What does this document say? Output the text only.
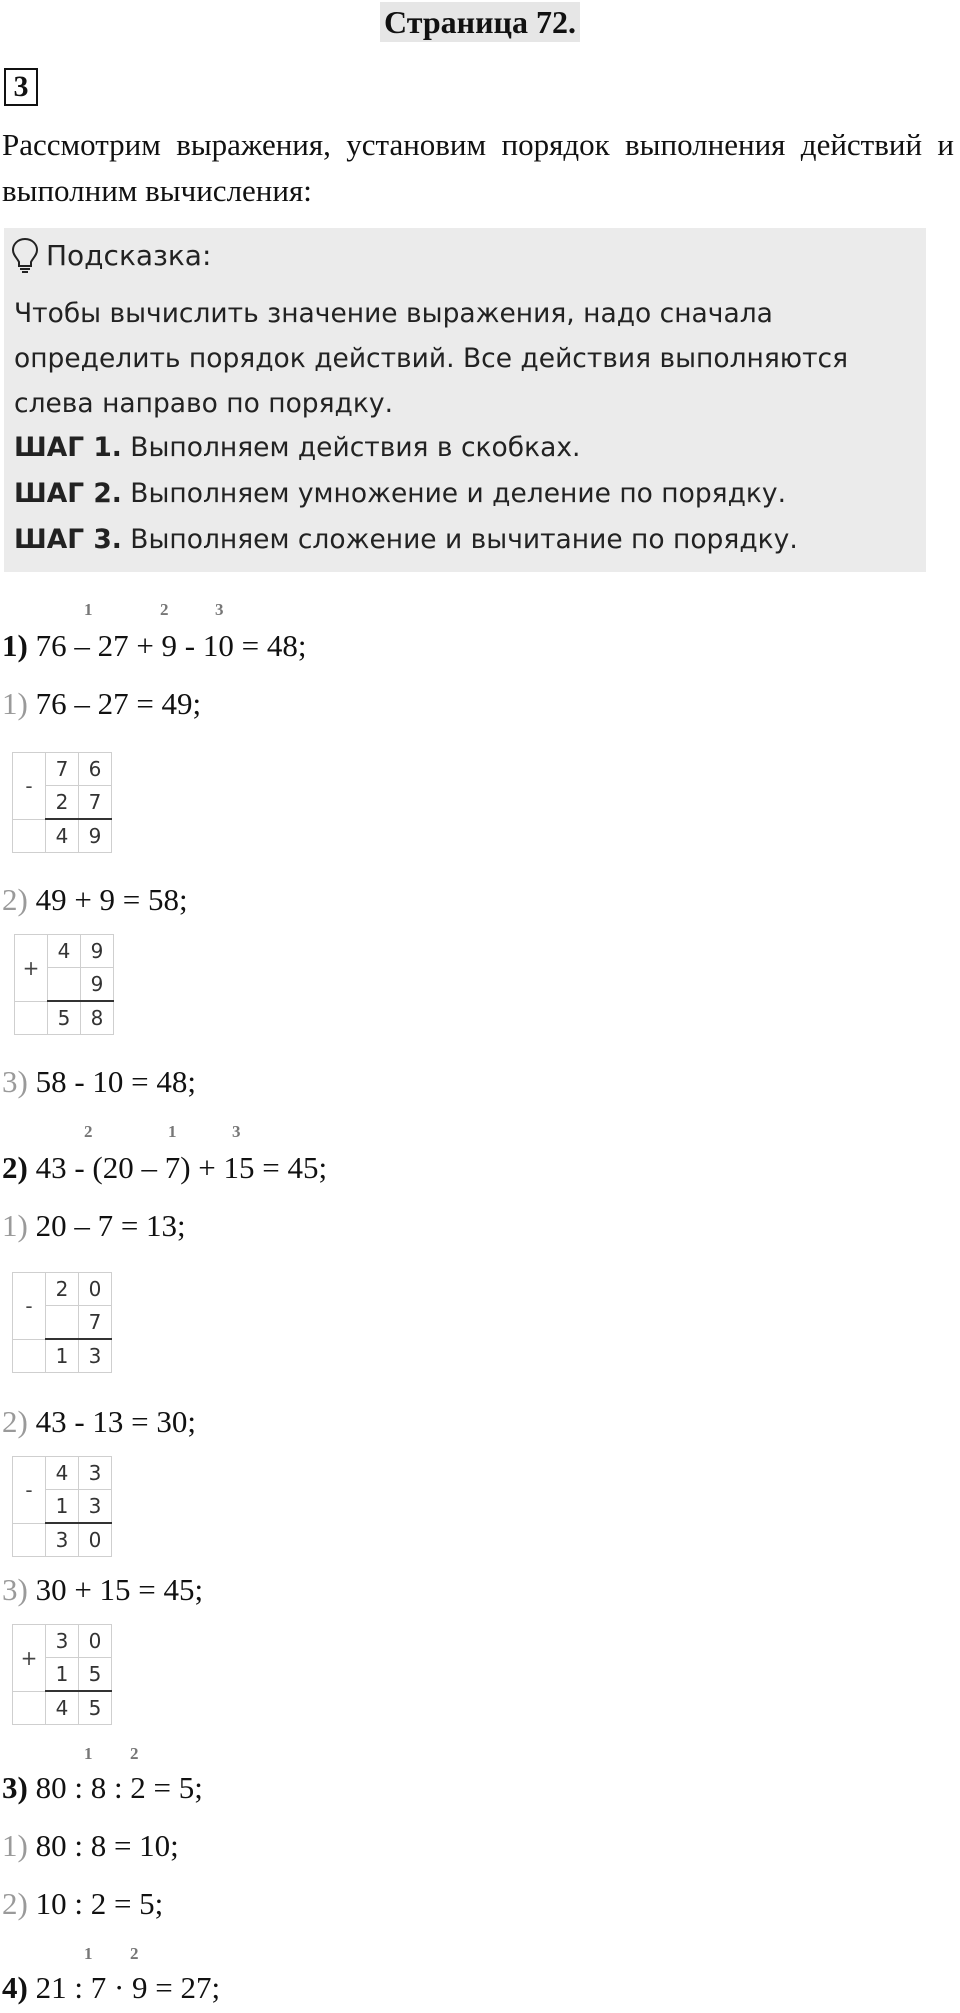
Страница 72.
3
Рассмотрим выражения, установим порядок выполнения действий и выполним вычисления:
Подсказка:
Чтобы вычислить значение выражения, надо сначала
определить порядок действий. Все действия выполняются
слева направо по порядку.
ШАГ 1. Выполняем действия в скобках.
ШАГ 2. Выполняем умножение и деление по порядку.
ШАГ 3. Выполняем сложение и вычитание по порядку.
1	2	3
1) 76 – 27 + 9 - 10 = 48;
1) 76 – 27 = 49;
-	7	6
	2	7
	4	9
2) 49 + 9 = 58;
+	4	9
		9
	5	8
3) 58 - 10 = 48;
2	1	3
2) 43 - (20 – 7) + 15 = 45;
1) 20 – 7 = 13;
-	2	0
		7
	1	3
2) 43 - 13 = 30;
-	4	3
	1	3
	3	0
3) 30 + 15 = 45;
+	3	0
	1	5
	4	5
1 2
3) 80 : 8 : 2 = 5;
1) 80 : 8 = 10;
2) 10 : 2 = 5;
1 2
4) 21 : 7 · 9 = 27;
